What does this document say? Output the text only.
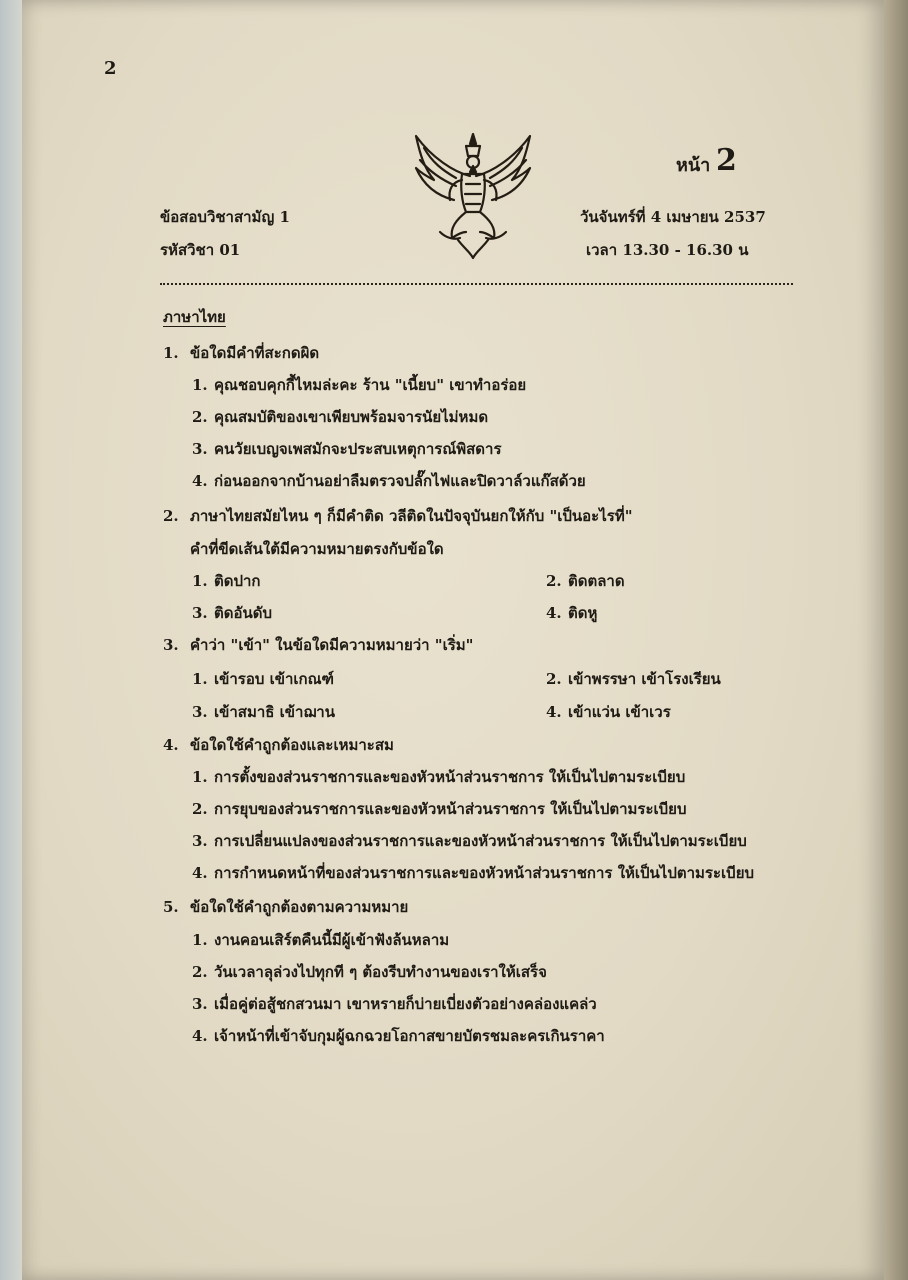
2
หน้า 2
ข้อสอบวิชาสามัญ 1
รหัสวิชา 01
วันจันทร์ที่ 4 เมษายน 2537
เวลา 13.30 - 16.30 น
ภาษาไทย
1. ข้อใดมีคำที่สะกดผิด
1. คุณชอบคุกกี้ไหมล่ะคะ ร้าน "เนี้ยบ" เขาทำอร่อย
2. คุณสมบัติของเขาเพียบพร้อมจารนัยไม่หมด
3. คนวัยเบญจเพสมักจะประสบเหตุการณ์พิสดาร
4. ก่อนออกจากบ้านอย่าลืมตรวจปลั๊กไฟและปิดวาล์วแก๊สด้วย
2. ภาษาไทยสมัยไหน ๆ ก็มีคำติด วลีติดในปัจจุบันยกให้กับ "เป็นอะไรที่"
คำที่ขีดเส้นใต้มีความหมายตรงกับข้อใด
1. ติดปาก	2. ติดตลาด
3. ติดอันดับ	4. ติดหู
3. คำว่า "เข้า" ในข้อใดมีความหมายว่า "เริ่ม"
1. เข้ารอบ เข้าเกณฑ์	2. เข้าพรรษา เข้าโรงเรียน
3. เข้าสมาธิ เข้าฌาน	4. เข้าแว่น เข้าเวร
4. ข้อใดใช้คำถูกต้องและเหมาะสม
1. การตั้งของส่วนราชการและของหัวหน้าส่วนราชการ ให้เป็นไปตามระเบียบ
2. การยุบของส่วนราชการและของหัวหน้าส่วนราชการ ให้เป็นไปตามระเบียบ
3. การเปลี่ยนแปลงของส่วนราชการและของหัวหน้าส่วนราชการ ให้เป็นไปตามระเบียบ
4. การกำหนดหน้าที่ของส่วนราชการและของหัวหน้าส่วนราชการ ให้เป็นไปตามระเบียบ
5. ข้อใดใช้คำถูกต้องตามความหมาย
1. งานคอนเสิร์ตคืนนี้มีผู้เข้าฟังล้นหลาม
2. วันเวลาลุล่วงไปทุกที ๆ ต้องรีบทำงานของเราให้เสร็จ
3. เมื่อคู่ต่อสู้ชกสวนมา เขาหรายก็บ่ายเบี่ยงตัวอย่างคล่องแคล่ว
4. เจ้าหน้าที่เข้าจับกุมผู้ฉกฉวยโอกาสขายบัตรชมละครเกินราคา
